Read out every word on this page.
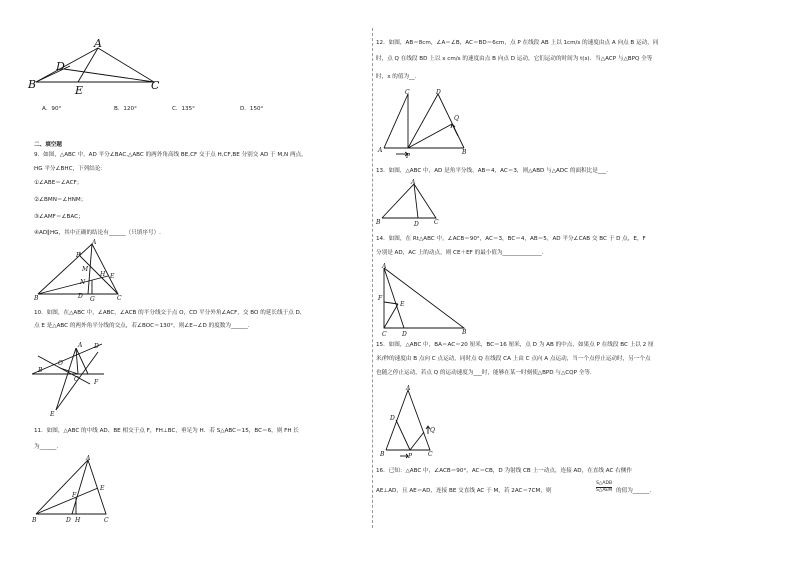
A
B	C
D
E
A．90°	B．120°	C．135°	D．150°
二、填空题
9．如图，△ABC 中，AD 平分∠BAC,△ABC 的两外角高线 BE,CF 交于点 H,CF,BE 分别交 AD 于 M,N 两点，
HG 平分∠BHC，下列结论：
①∠ABE＝∠ACF；
②∠BMN＝∠HNM；
③∠AMF＝∠BAC；
④AD∥HG，其中正确的结论有______（只填序号）.
A
F
M
N
H E
B	D G	C
10．如图，在△ABC 中，∠ABC，∠ACB 的平分线交于点 O，CD 平分外角∠ACF，交 BO 的延长线于点 D,
点 E 是△ABC 的两外角平分线的交点，若∠BOC＝130°，则∠E−∠D 的度数为______.
A
O
D
B
C	F
E
11．如图，△ABC 的中线 AD、BE 相交于点 F，FH⊥BC，垂足为 H．若 S△ABC＝15，BC＝6，则 FH 长
为______.
A
E
F
B	D H	C
12．如图，AB＝8cm，∠A＝∠B，AC＝BD＝6cm，点 P 在线段 AB 上以 1cm/s 的速度由点 A 向点 B 运动，同
时，点 Q 在线段 BD 上以 x cm/s 的速度由点 B 向点 D 运动，它们运动的时间为 t(s)．当△ACP 与△BPQ 全等
时，x 的值为__.
C	D
Q
A
P
B
13．如图，△ABC 中，AD 是角平分线，AB＝4，AC＝3，则△ABD 与△ADC 的面积比是___.
A
B	D	C
14．如图，在 Rt△ABC 中，∠ACB＝90°，AC＝3，BC＝4，AB＝5，AD 平分∠CAB 交 BC 于 D 点，E，F
分别是 AD，AC 上的动点，则 CE＋EF 的最小值为______________.
A
F
E
C	D	B
15．如图，△ABC 中，BA＝AC＝20 厘米，BC＝16 厘米，点 D 为 AB 的中点，如果点 P 在线段 BC 上以 2 厘
米/秒的速度由 B 点向 C 点运动，同时点 Q 在线段 CA 上由 C 点向 A 点运动，当一个点停止运动时，另一个点
也随之停止运动，若点 Q 的运动速度为___时，能够在某一时刻使△BPD 与△CQP 全等.
A
D
Q
B	P	C
16．已知：△ABC 中，∠ACB＝90°，AC＝CB，D 为射线 CB 上一动点，连接 AD，在直线 AC 右侧作
AE⊥AD，且 AE＝AD，连接 BE 交直线 AC 于 M，若 2AC＝7CM，则
S△ADB
S△AEM 的值为______.
